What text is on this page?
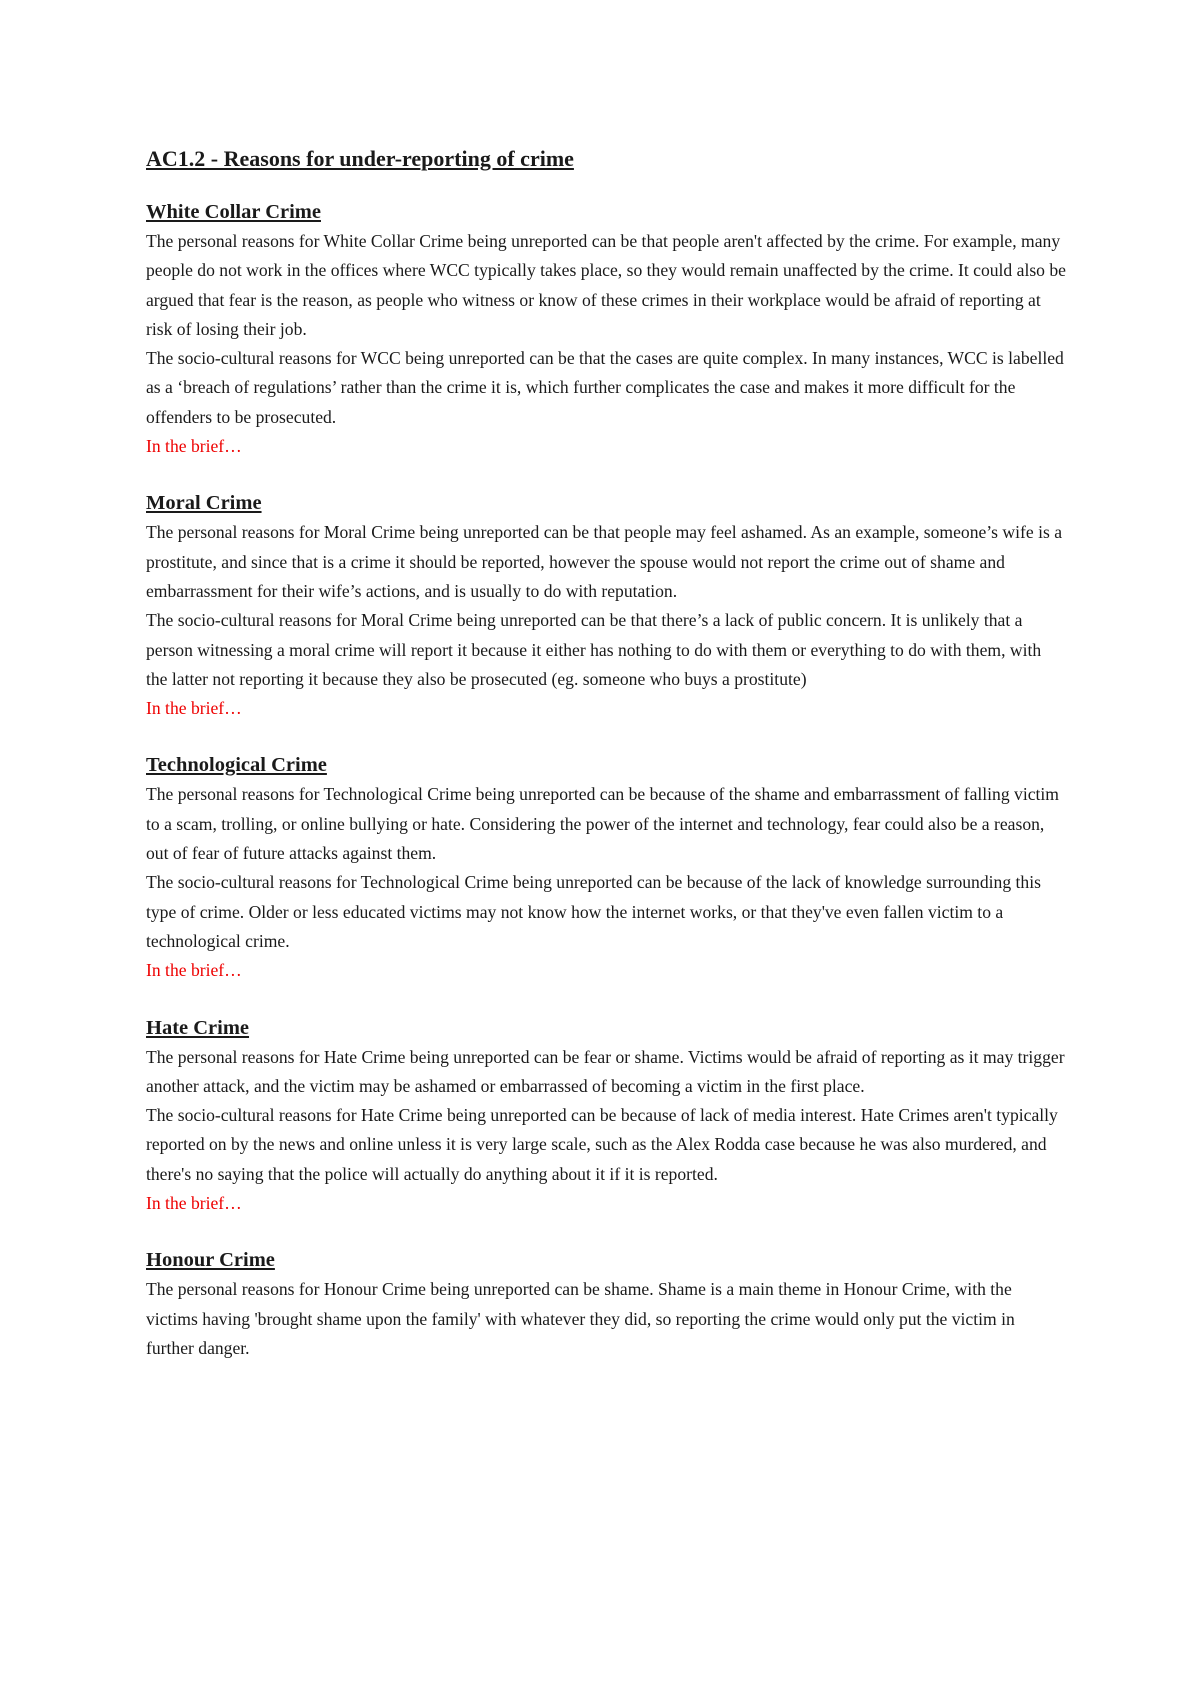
AC1.2 - Reasons for under-reporting of crime
White Collar Crime

The personal reasons for White Collar Crime being unreported can be that people aren't affected by the crime. For example, many people do not work in the offices where WCC typically takes place, so they would remain unaffected by the crime. It could also be argued that fear is the reason, as people who witness or know of these crimes in their workplace would be afraid of reporting at risk of losing their job.

The socio-cultural reasons for WCC being unreported can be that the cases are quite complex. In many instances, WCC is labelled as a ‘breach of regulations’ rather than the crime it is, which further complicates the case and makes it more difficult for the offenders to be prosecuted.

In the brief…

Moral Crime

The personal reasons for Moral Crime being unreported can be that people may feel ashamed. As an example, someone’s wife is a prostitute, and since that is a crime it should be reported, however the spouse would not report the crime out of shame and embarrassment for their wife’s actions, and is usually to do with reputation.

The socio-cultural reasons for Moral Crime being unreported can be that there’s a lack of public concern. It is unlikely that a person witnessing a moral crime will report it because it either has nothing to do with them or everything to do with them, with the latter not reporting it because they also be prosecuted (eg. someone who buys a prostitute)

In the brief…

Technological Crime

The personal reasons for Technological Crime being unreported can be because of the shame and embarrassment of falling victim to a scam, trolling, or online bullying or hate. Considering the power of the internet and technology, fear could also be a reason, out of fear of future attacks against them.

The socio-cultural reasons for Technological Crime being unreported can be because of the lack of knowledge surrounding this type of crime. Older or less educated victims may not know how the internet works, or that they've even fallen victim to a technological crime.

In the brief…

Hate Crime

The personal reasons for Hate Crime being unreported can be fear or shame. Victims would be afraid of reporting as it may trigger another attack, and the victim may be ashamed or embarrassed of becoming a victim in the first place.

The socio-cultural reasons for Hate Crime being unreported can be because of lack of media interest. Hate Crimes aren't typically reported on by the news and online unless it is very large scale, such as the Alex Rodda case because he was also murdered, and there's no saying that the police will actually do anything about it if it is reported.

In the brief…

Honour Crime

The personal reasons for Honour Crime being unreported can be shame. Shame is a main theme in Honour Crime, with the victims having 'brought shame upon the family' with whatever they did, so reporting the crime would only put the victim in further danger.
